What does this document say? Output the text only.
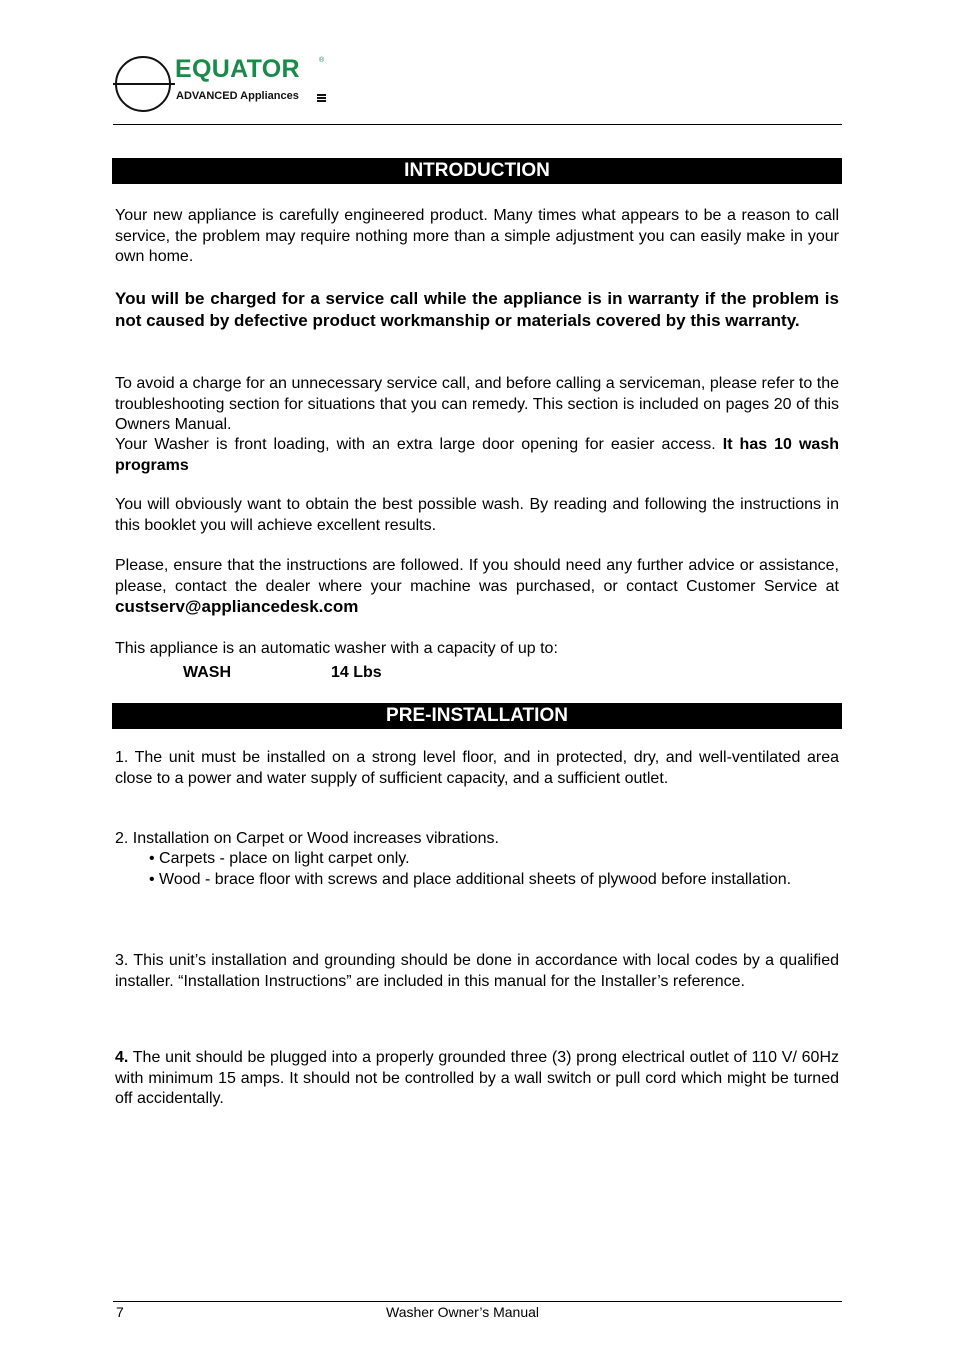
EQUATOR	®
ADVANCED Appliances
INTRODUCTION
Your new appliance is carefully engineered product. Many times what appears to be a reason to call service, the problem may require nothing more than a simple adjustment you can easily make in your own home.
You will be charged for a service call while the appliance is in warranty if the problem is not caused by defective product workmanship or materials covered by this warranty.
To avoid a charge for an unnecessary service call, and before calling a serviceman, please refer to the troubleshooting section for situations that you can remedy. This section is included on pages 20 of this Owners Manual.
Your Washer is front loading, with an extra large door opening for easier access. It has 10 wash programs
You will obviously want to obtain the best possible wash. By reading and following the instructions in this booklet you will achieve excellent results.
Please, ensure that the instructions are followed. If you should need any further advice or assistance, please, contact the dealer where your machine was purchased, or contact Customer Service at custserv@appliancedesk.com
This appliance is an automatic washer with a capacity of up to:
WASH	14 Lbs
PRE-INSTALLATION
1. The unit must be installed on a strong level floor, and in protected, dry, and well-ventilated area close to a power and water supply of sufficient capacity, and a sufficient outlet.
2. Installation on Carpet or Wood increases vibrations.
• Carpets - place on light carpet only.
• Wood - brace floor with screws and place additional sheets of plywood before installation.
3. This unit’s installation and grounding should be done in accordance with local codes by a qualified installer. “Installation Instructions” are included in this manual for the Installer’s reference.
4. The unit should be plugged into a properly grounded three (3) prong electrical outlet of 110 V/ 60Hz with minimum 15 amps. It should not be controlled by a wall switch or pull cord which might be turned off accidentally.
7	Washer Owner’s Manual
